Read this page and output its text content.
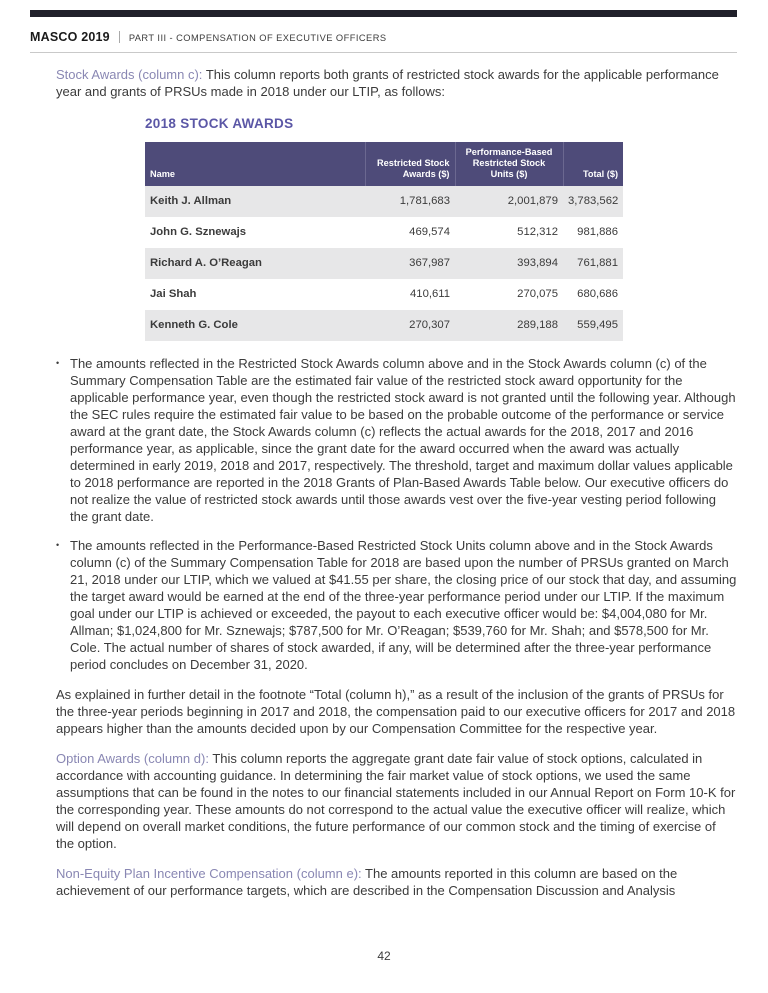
MASCO 2019 PART III - COMPENSATION OF EXECUTIVE OFFICERS

Stock Awards (column c): This column reports both grants of restricted stock awards for the applicable performance year and grants of PRSUs made in 2018 under our LTIP, as follows:

2018 STOCK AWARDS
Name	Restricted Stock Awards ($)	Performance-Based Restricted Stock Units ($)	Total ($)
Keith J. Allman	1,781,683	2,001,879	3,783,562
John G. Sznewajs	469,574	512,312	981,886
Richard A. O’Reagan	367,987	393,894	761,881
Jai Shah	410,611	270,075	680,686
Kenneth G. Cole	270,307	289,188	559,495
• The amounts reflected in the Restricted Stock Awards column above and in the Stock Awards column (c) of the Summary Compensation Table are the estimated fair value of the restricted stock award opportunity for the applicable performance year, even though the restricted stock award is not granted until the following year. Although the SEC rules require the estimated fair value to be based on the probable outcome of the performance or service award at the grant date, the Stock Awards column (c) reflects the actual awards for the 2018, 2017 and 2016 performance year, as applicable, since the grant date for the award occurred when the award was actually determined in early 2019, 2018 and 2017, respectively. The threshold, target and maximum dollar values applicable to 2018 performance are reported in the 2018 Grants of Plan-Based Awards Table below. Our executive officers do not realize the value of restricted stock awards until those awards vest over the five-year vesting period following the grant date.
• The amounts reflected in the Performance-Based Restricted Stock Units column above and in the Stock Awards column (c) of the Summary Compensation Table for 2018 are based upon the number of PRSUs granted on March 21, 2018 under our LTIP, which we valued at $41.55 per share, the closing price of our stock that day, and assuming the target award would be earned at the end of the three-year performance period under our LTIP. If the maximum goal under our LTIP is achieved or exceeded, the payout to each executive officer would be: $4,004,080 for Mr. Allman; $1,024,800 for Mr. Sznewajs; $787,500 for Mr. O’Reagan; $539,760 for Mr. Shah; and $578,500 for Mr. Cole. The actual number of shares of stock awarded, if any, will be determined after the three-year performance period concludes on December 31, 2020.

As explained in further detail in the footnote “Total (column h),” as a result of the inclusion of the grants of PRSUs for the three-year periods beginning in 2017 and 2018, the compensation paid to our executive officers for 2017 and 2018 appears higher than the amounts decided upon by our Compensation Committee for the respective year.

Option Awards (column d): This column reports the aggregate grant date fair value of stock options, calculated in accordance with accounting guidance. In determining the fair market value of stock options, we used the same assumptions that can be found in the notes to our financial statements included in our Annual Report on Form 10-K for the corresponding year. These amounts do not correspond to the actual value the executive officer will realize, which will depend on overall market conditions, the future performance of our common stock and the timing of exercise of the option.

Non-Equity Plan Incentive Compensation (column e): The amounts reported in this column are based on the achievement of our performance targets, which are described in the Compensation Discussion and Analysis

42
